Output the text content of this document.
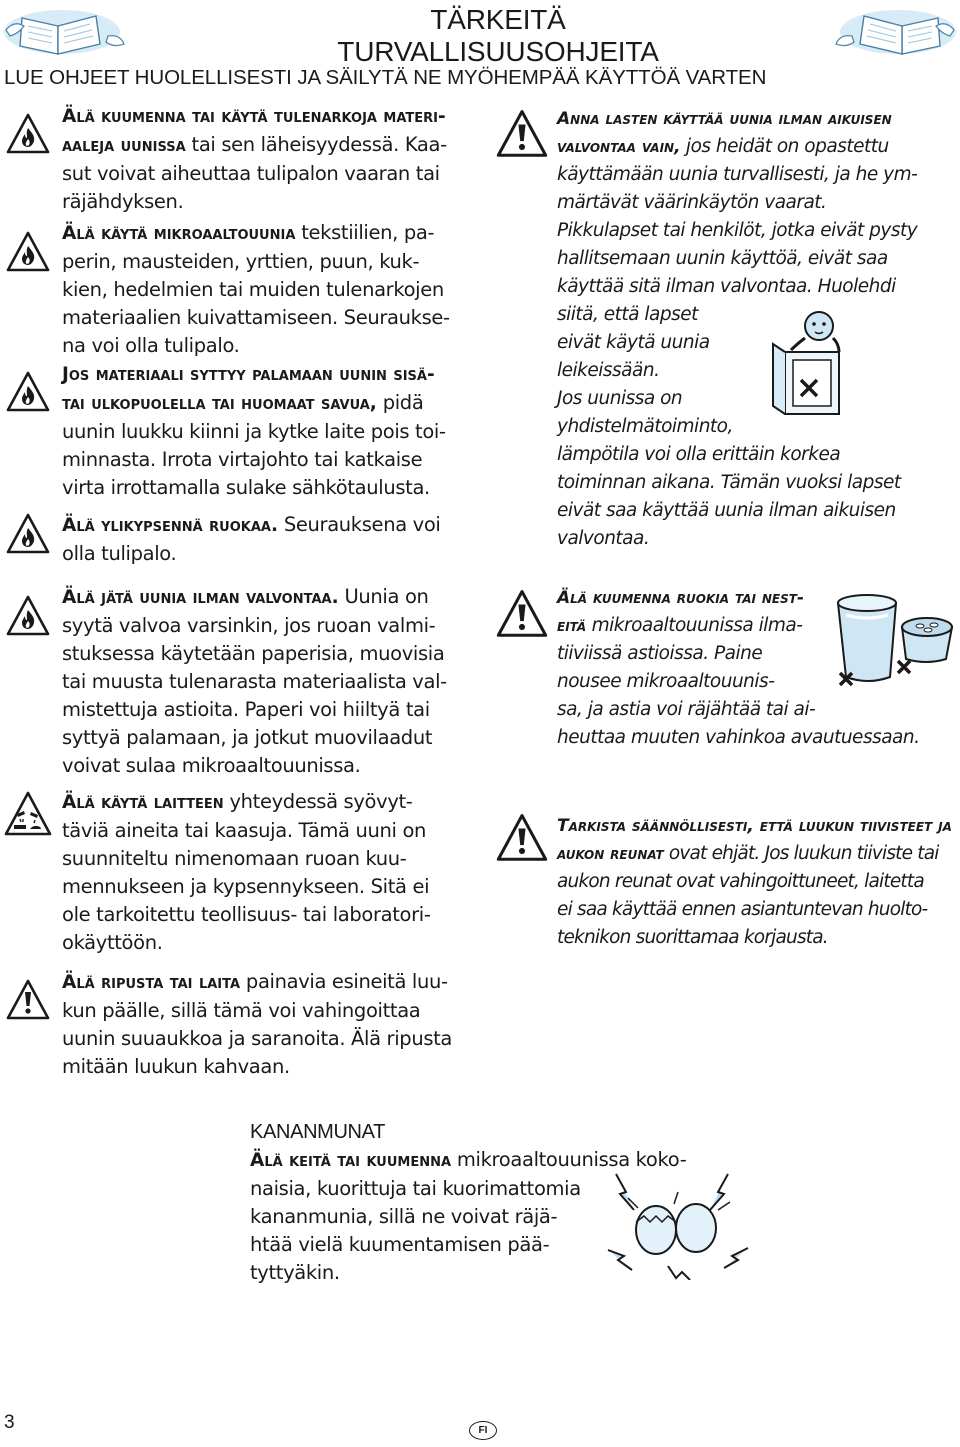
TÄRKEITÄ TURVALLISUUSOHJEITA
LUE OHJEET HUOLELLISESTI JA SÄILYTÄ NE MYÖHEMPÄÄ KÄYTTÖÄ VARTEN
Älä kuumenna tai käytä tulenarkoja materi-
aaleja uunissa tai sen läheisyydessä. Kaa-
sut voivat aiheuttaa tulipalon vaaran tai
räjähdyksen.
Älä käytä mikroaaltouunia tekstiilien, pa-
perin, mausteiden, yrttien, puun, kuk-
kien, hedelmien tai muiden tulenarkojen
materiaalien kuivattamiseen. Seuraukse-
na voi olla tulipalo.
Jos materiaali syttyy palamaan uunin sisä-
tai ulkopuolella tai huomaat savua, pidä
uunin luukku kiinni ja kytke laite pois toi-
minnasta. Irrota virtajohto tai katkaise
virta irrottamalla sulake sähkötaulusta.
Älä ylikypsennä ruokaa. Seurauksena voi
olla tulipalo.
Älä jätä uunia ilman valvontaa. Uunia on
syytä valvoa varsinkin, jos ruoan valmi-
stuksessa käytetään paperisia, muovisia
tai muusta tulenarasta materiaalista val-
mistettuja astioita. Paperi voi hiiltyä tai
syttyä palamaan, ja jotkut muovilaadut
voivat sulaa mikroaaltouunissa.
Älä käytä laitteen yhteydessä syövyt-
täviä aineita tai kaasuja. Tämä uuni on
suunniteltu nimenomaan ruoan kuu-
mennukseen ja kypsennykseen. Sitä ei
ole tarkoitettu teollisuus- tai laboratori-
okäyttöön.
Älä ripusta tai laita painavia esineitä luu-
kun päälle, sillä tämä voi vahingoittaa
uunin suuaukkoa ja saranoita. Älä ripusta
mitään luukun kahvaan.
Anna lasten käyttää uunia ilman aikuisen
valvontaa vain, jos heidät on opastettu
käyttämään uunia turvallisesti, ja he ym-
märtävät väärinkäytön vaarat.
Pikkulapset tai henkilöt, jotka eivät pysty
hallitsemaan uunin käyttöä, eivät saa
käyttää sitä ilman valvontaa. Huolehdi
siitä, että lapset
eivät käytä uunia
leikeissään.
Jos uunissa on
yhdistelmätoiminto,
lämpötila voi olla erittäin korkea
toiminnan aikana. Tämän vuoksi lapset
eivät saa käyttää uunia ilman aikuisen
valvontaa.
Älä kuumenna ruokia tai nest-
eitä mikroaaltouunissa ilma-
tiiviissä astioissa. Paine
nousee mikroaaltouunis-
sa, ja astia voi räjähtää tai ai-
heuttaa muuten vahinkoa avautuessaan.
Tarkista säännöllisesti, että luukun tiivisteet ja
aukon reunat ovat ehjät. Jos luukun tiiviste tai
aukon reunat ovat vahingoittuneet, laitetta
ei saa käyttää ennen asiantuntevan huolto-
teknikon suorittamaa korjausta.
KANANMUNAT
Älä keitä tai kuumenna mikroaaltouunissa koko-
naisia, kuorittuja tai kuorimattomia
kananmunia, sillä ne voivat räjä-
htää vielä kuumentamisen pää-
tyttyäkin.
3	FI
